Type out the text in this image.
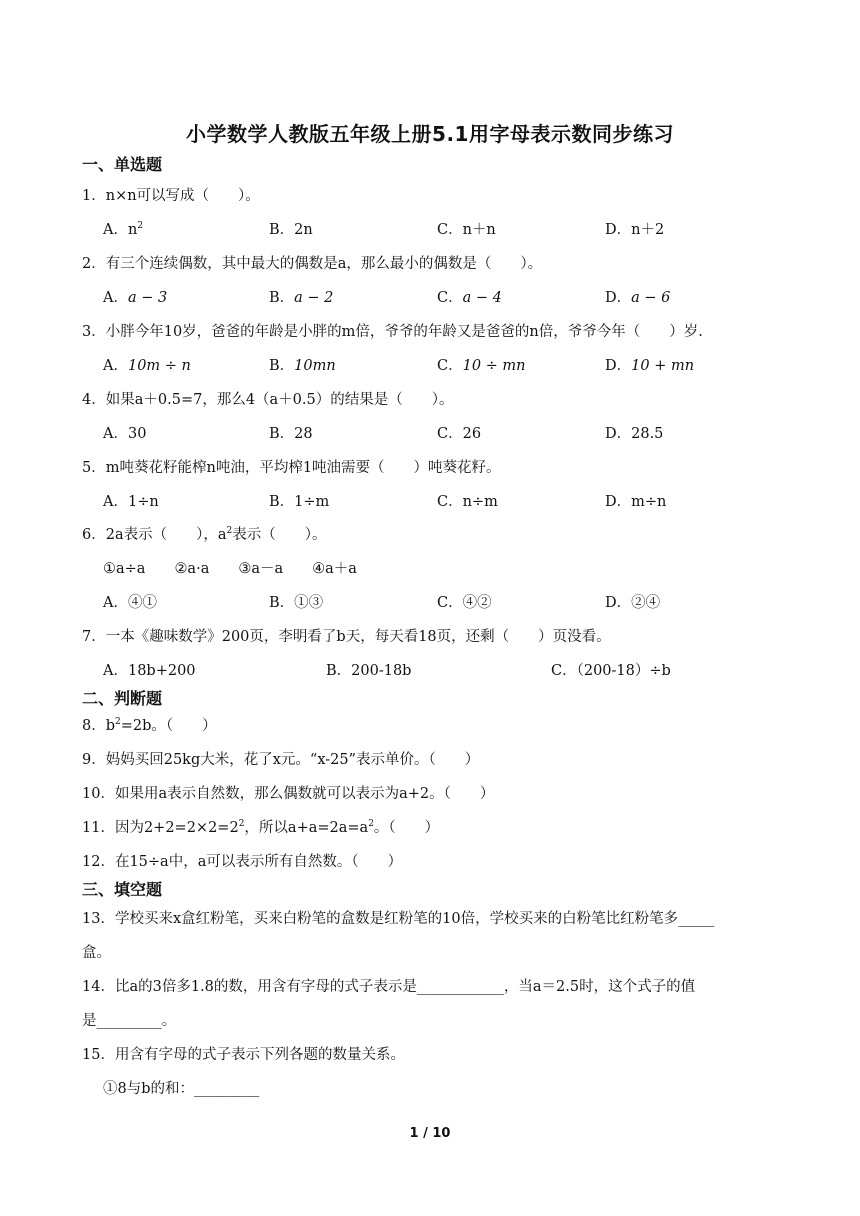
小学数学人教版五年级上册5.1用字母表示数同步练习
一、单选题
1．n×n可以写成（　　）。
A．$n^2$	B．2n	C．n＋n	D．n＋2
2．有三个连续偶数，其中最大的偶数是a，那么最小的偶数是（　　）。
A．a − 3	B．a − 2	C．a − 4	D．a − 6
3．小胖今年10岁，爸爸的年龄是小胖的m倍，爷爷的年龄又是爸爸的n倍，爷爷今年（　　）岁.
A．10m ÷ n	B．10mn	C．10 ÷ mn	D．10 + mn
4．如果a＋0.5=7，那么4（a＋0.5）的结果是（　　）。
A．30	B．28	C．26	D．28.5
5．m吨葵花籽能榨n吨油，平均榨1吨油需要（　　）吨葵花籽。
A．1÷n	B．1÷m	C．n÷m	D．m÷n
6．2a表示（　　），$a^2$表示（　　）。
①a÷a　　②a·a　　③a－a　　④a＋a
A．④①	B．①③	C．④②	D．②④
7．一本《趣味数学》200页，李明看了b天，每天看18页，还剩（　　）页没看。
A．18b+200	B．200-18b	C．（200-18）÷b
二、判断题
8．$b^2=2b$。（　　）
9．妈妈买回25kg大米，花了x元。“x-25”表示单价。（　　）
10．如果用a表示自然数，那么偶数就可以表示为a+2。（　　）
11．因为$2+2=2\times 2=2^2$，所以$a+a=2a=a^2$。（　　）
12．在15÷a中，a可以表示所有自然数。（　　）
三、填空题
13．学校买来x盒红粉笔，买来白粉笔的盒数是红粉笔的10倍，学校买来的白粉笔比红粉笔多_____
盒。
14．比a的3倍多1.8的数，用含有字母的式子表示是____________，当a＝2.5时，这个式子的值
是_________。
15．用含有字母的式子表示下列各题的数量关系。
①8与b的和：_________
1 / 10
